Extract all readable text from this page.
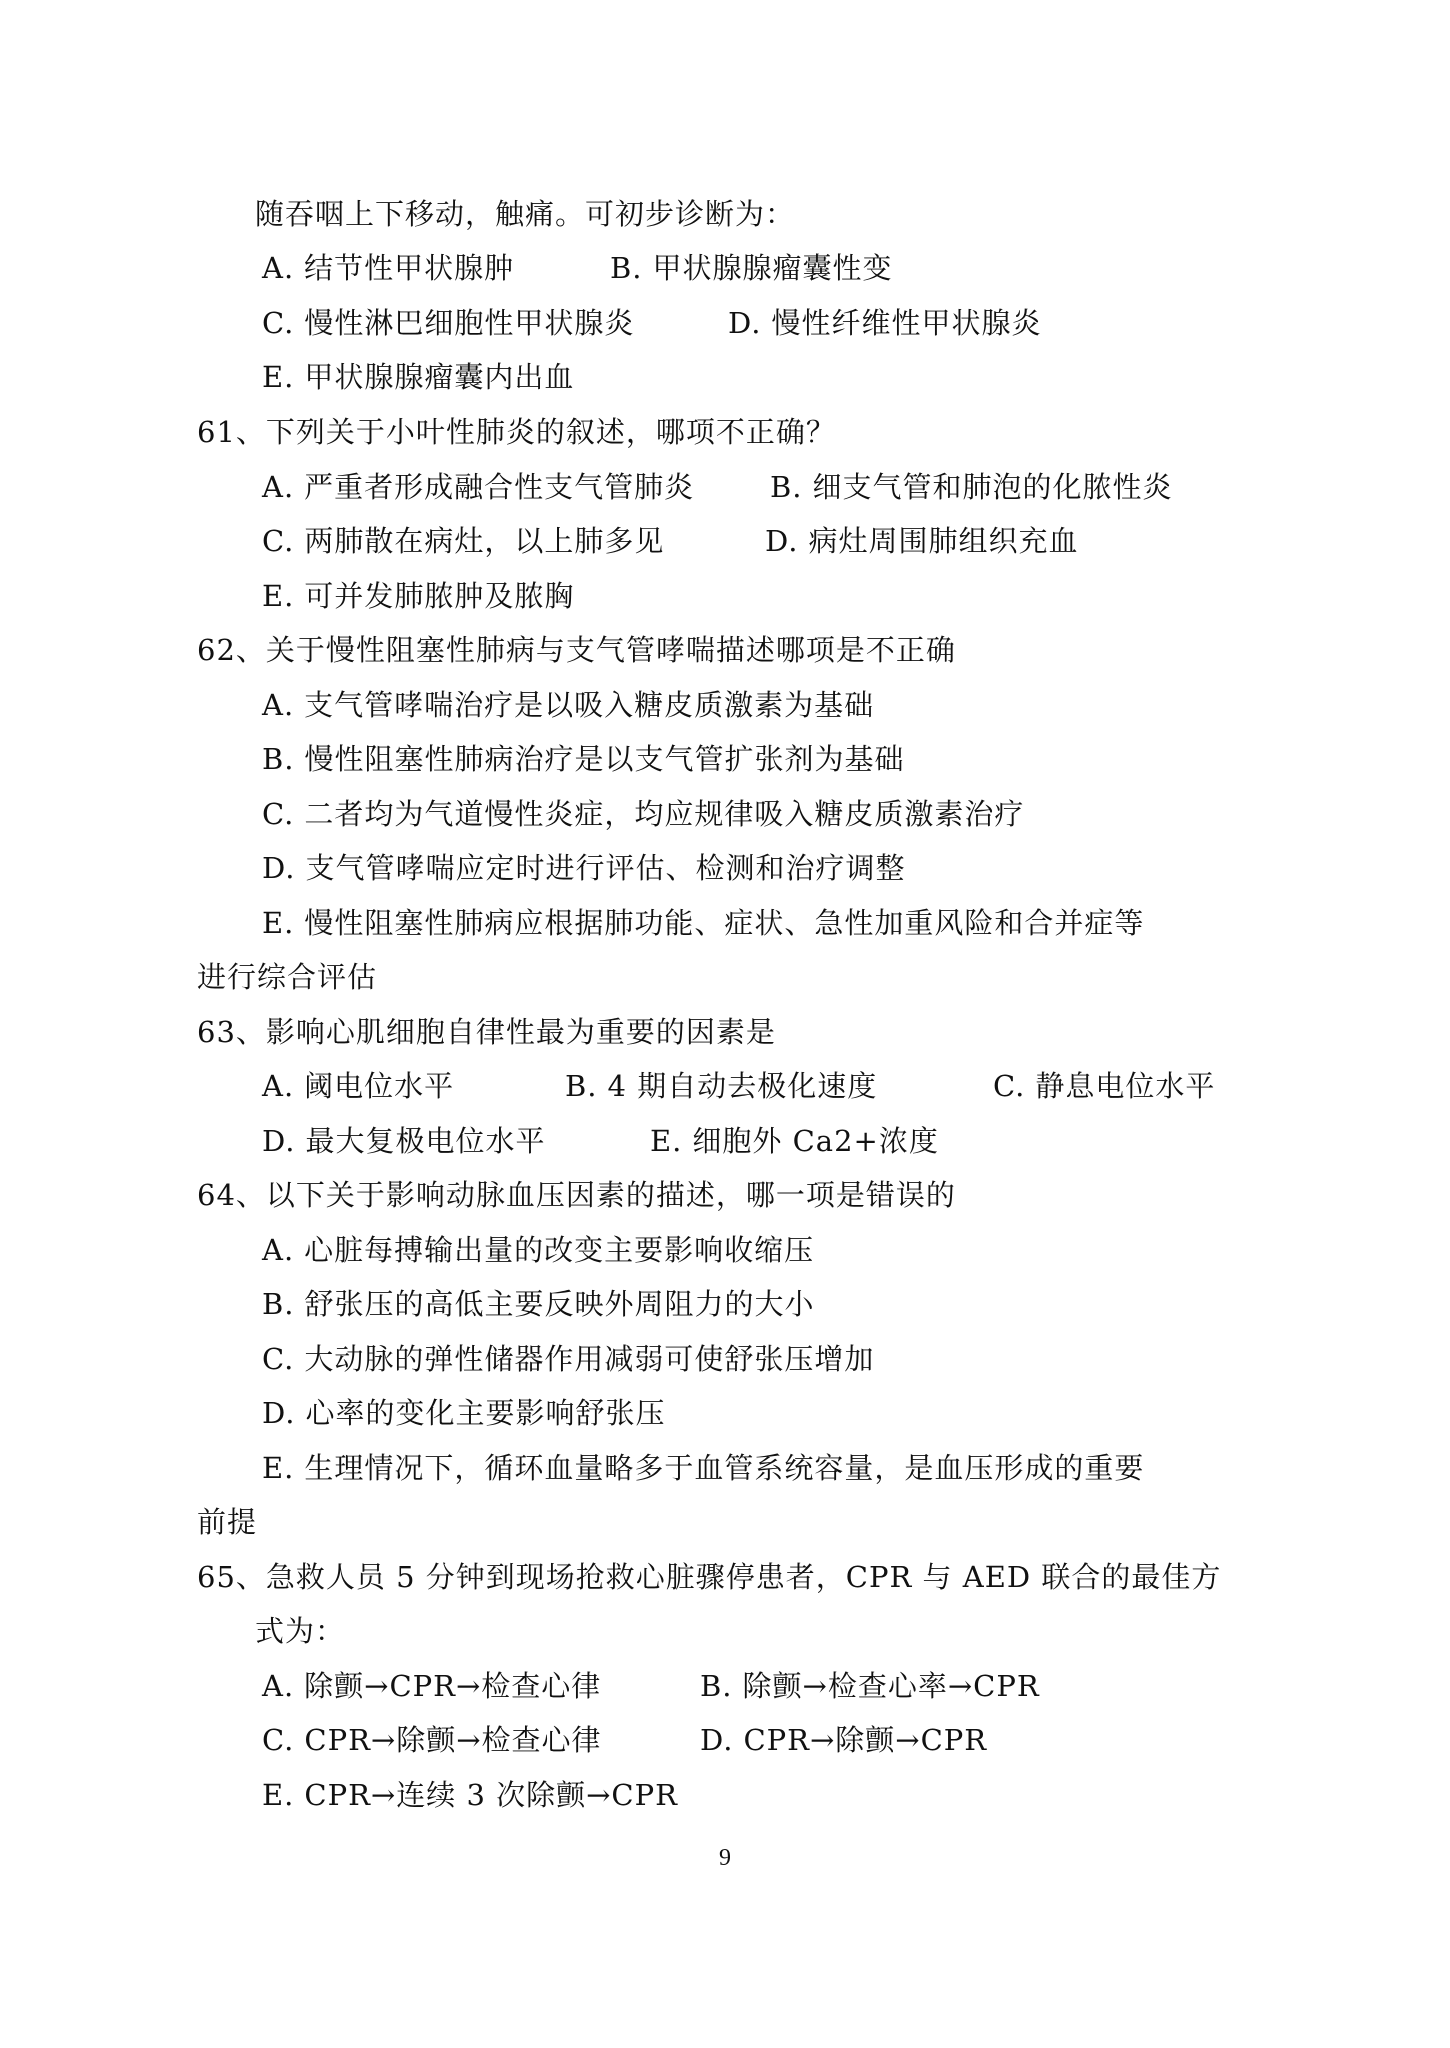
随吞咽上下移动，触痛。可初步诊断为：
A. 结节性甲状腺肿	B. 甲状腺腺瘤囊性变
C. 慢性淋巴细胞性甲状腺炎	D. 慢性纤维性甲状腺炎
E. 甲状腺腺瘤囊内出血
61、下列关于小叶性肺炎的叙述，哪项不正确？
A. 严重者形成融合性支气管肺炎	B. 细支气管和肺泡的化脓性炎
C. 两肺散在病灶，以上肺多见	D. 病灶周围肺组织充血
E. 可并发肺脓肿及脓胸
62、关于慢性阻塞性肺病与支气管哮喘描述哪项是不正确
A. 支气管哮喘治疗是以吸入糖皮质激素为基础
B. 慢性阻塞性肺病治疗是以支气管扩张剂为基础
C. 二者均为气道慢性炎症，均应规律吸入糖皮质激素治疗
D. 支气管哮喘应定时进行评估、检测和治疗调整
E. 慢性阻塞性肺病应根据肺功能、症状、急性加重风险和合并症等
进行综合评估
63、影响心肌细胞自律性最为重要的因素是
A. 阈电位水平	B. 4 期自动去极化速度	C. 静息电位水平
D. 最大复极电位水平	E. 细胞外 Ca2+浓度
64、以下关于影响动脉血压因素的描述，哪一项是错误的
A. 心脏每搏输出量的改变主要影响收缩压
B. 舒张压的高低主要反映外周阻力的大小
C. 大动脉的弹性储器作用减弱可使舒张压增加
D. 心率的变化主要影响舒张压
E. 生理情况下，循环血量略多于血管系统容量，是血压形成的重要
前提
65、急救人员 5 分钟到现场抢救心脏骤停患者，CPR 与 AED 联合的最佳方
式为：
A. 除颤→CPR→检查心律	B. 除颤→检查心率→CPR
C. CPR→除颤→检查心律	D. CPR→除颤→CPR
E. CPR→连续 3 次除颤→CPR
9
